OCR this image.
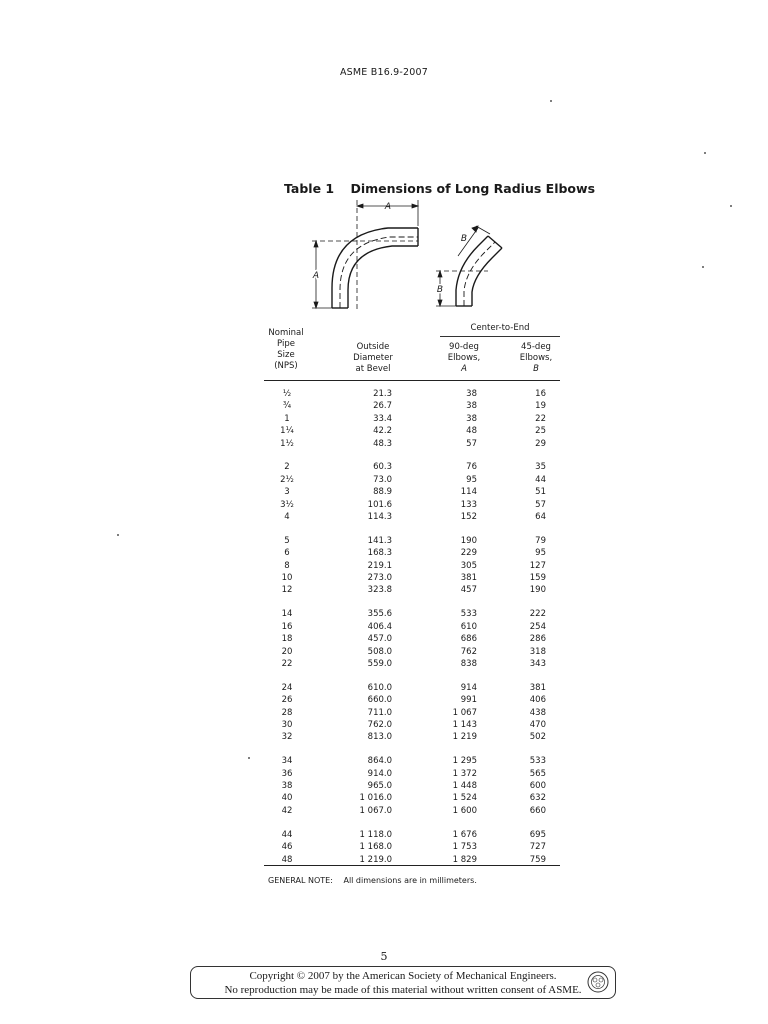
ASME B16.9-2007
Table 1 Dimensions of Long Radius Elbows
A
A
B
B
Center-to-End
Nominal
Pipe
Size
(NPS)
Outside
Diameter
at Bevel
90-deg
Elbows,
A
45-deg
Elbows,
B
½	21.3	38	16
¾	26.7	38	19
1	33.4	38	22
1¼	42.2	48	25
1½	48.3	57	29
2	60.3	76	35
2½	73.0	95	44
3	88.9	114	51
3½	101.6	133	57
4	114.3	152	64
5	141.3	190	79
6	168.3	229	95
8	219.1	305	127
10	273.0	381	159
12	323.8	457	190
14	355.6	533	222
16	406.4	610	254
18	457.0	686	286
20	508.0	762	318
22	559.0	838	343
24	610.0	914	381
26	660.0	991	406
28	711.0	1 067	438
30	762.0	1 143	470
32	813.0	1 219	502
34	864.0	1 295	533
36	914.0	1 372	565
38	965.0	1 448	600
40	1 016.0	1 524	632
42	1 067.0	1 600	660
44	1 118.0	1 676	695
46	1 168.0	1 753	727
48	1 219.0	1 829	759
GENERAL NOTE: All dimensions are in millimeters.
5
Copyright © 2007 by the American Society of Mechanical Engineers.
No reproduction may be made of this material without written consent of ASME.
